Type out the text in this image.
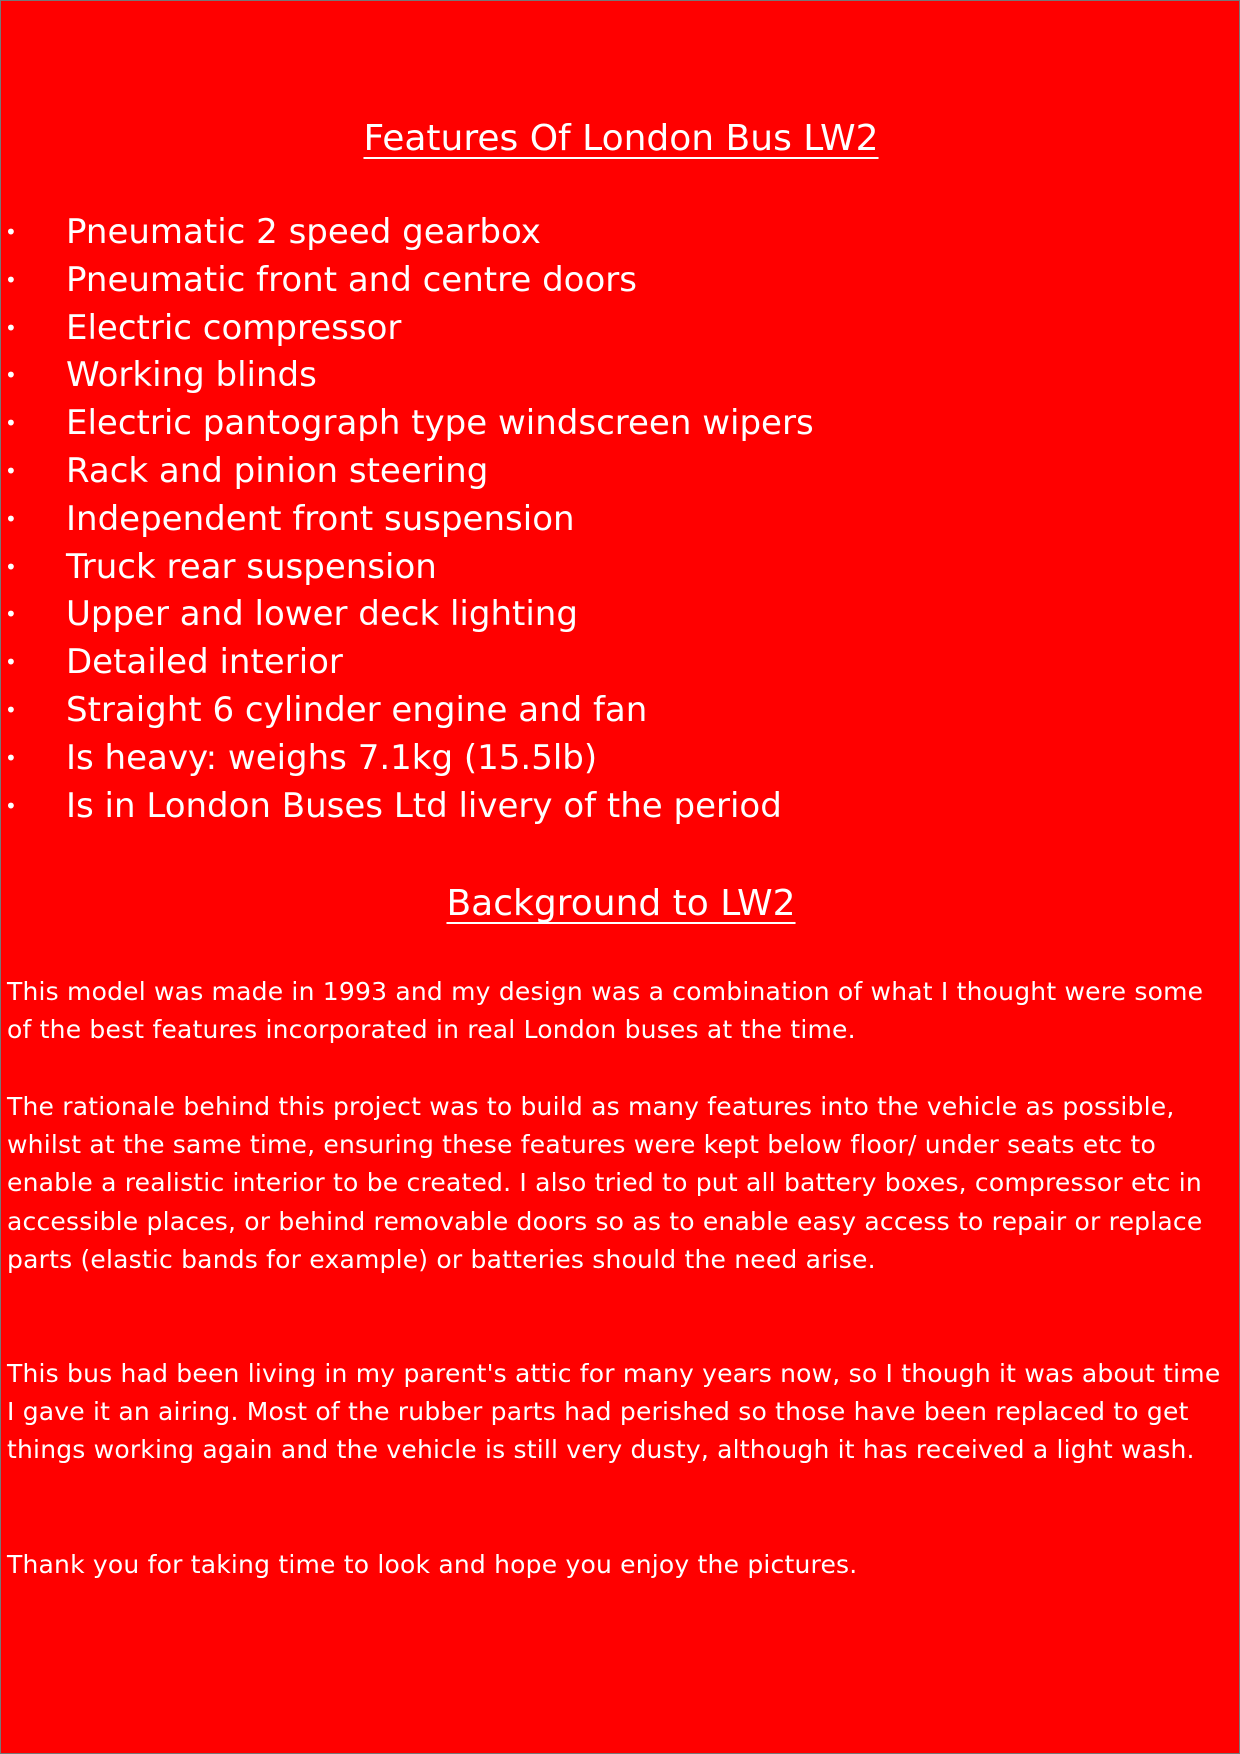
Features Of London Bus LW2
• Pneumatic 2 speed gearbox
• Pneumatic front and centre doors
• Electric compressor
• Working blinds
• Electric pantograph type windscreen wipers
• Rack and pinion steering
• Independent front suspension
• Truck rear suspension
• Upper and lower deck lighting
• Detailed interior
• Straight 6 cylinder engine and fan
• Is heavy: weighs 7.1kg (15.5lb)
• Is in London Buses Ltd livery of the period
Background to LW2

This model was made in 1993 and my design was a combination of what I thought were some of the best features incorporated in real London buses at the time.

The rationale behind this project was to build as many features into the vehicle as possible, whilst at the same time, ensuring these features were kept below floor/ under seats etc to enable a realistic interior to be created. I also tried to put all battery boxes, compressor etc in accessible places, or behind removable doors so as to enable easy access to repair or replace parts (elastic bands for example) or batteries should the need arise.

This bus had been living in my parent's attic for many years now, so I though it was about time I gave it an airing. Most of the rubber parts had perished so those have been replaced to get things working again and the vehicle is still very dusty, although it has received a light wash.

Thank you for taking time to look and hope you enjoy the pictures.
